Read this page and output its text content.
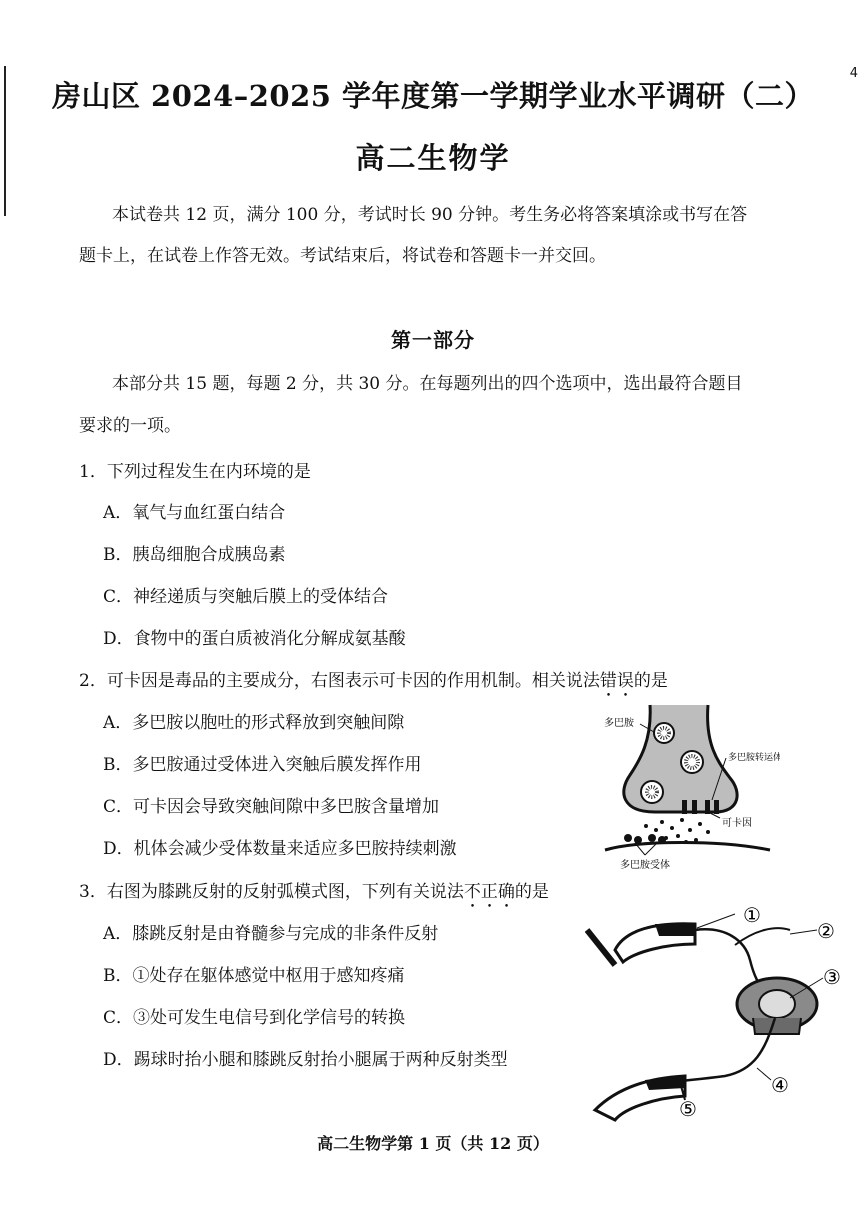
4
房山区 2024–2025 学年度第一学期学业水平调研（二）
高二生物学
本试卷共 12 页，满分 100 分，考试时长 90 分钟。考生务必将答案填涂或书写在答
题卡上，在试卷上作答无效。考试结束后，将试卷和答题卡一并交回。
第一部分
本部分共 15 题，每题 2 分，共 30 分。在每题列出的四个选项中，选出最符合题目
要求的一项。
1．下列过程发生在内环境的是
A．氧气与血红蛋白结合
B．胰岛细胞合成胰岛素
C．神经递质与突触后膜上的受体结合
D．食物中的蛋白质被消化分解成氨基酸
2．可卡因是毒品的主要成分，右图表示可卡因的作用机制。相关说法错误的是
A．多巴胺以胞吐的形式释放到突触间隙
B．多巴胺通过受体进入突触后膜发挥作用
C．可卡因会导致突触间隙中多巴胺含量增加
D．机体会减少受体数量来适应多巴胺持续刺激
多巴胺
多巴胺转运体
可卡因
多巴胺受体
3．右图为膝跳反射的反射弧模式图，下列有关说法不正确的是
A．膝跳反射是由脊髓参与完成的非条件反射
B．①处存在躯体感觉中枢用于感知疼痛
C．③处可发生电信号到化学信号的转换
D．踢球时抬小腿和膝跳反射抬小腿属于两种反射类型
①
②
③
④
⑤
高二生物学第 1 页（共 12 页）
